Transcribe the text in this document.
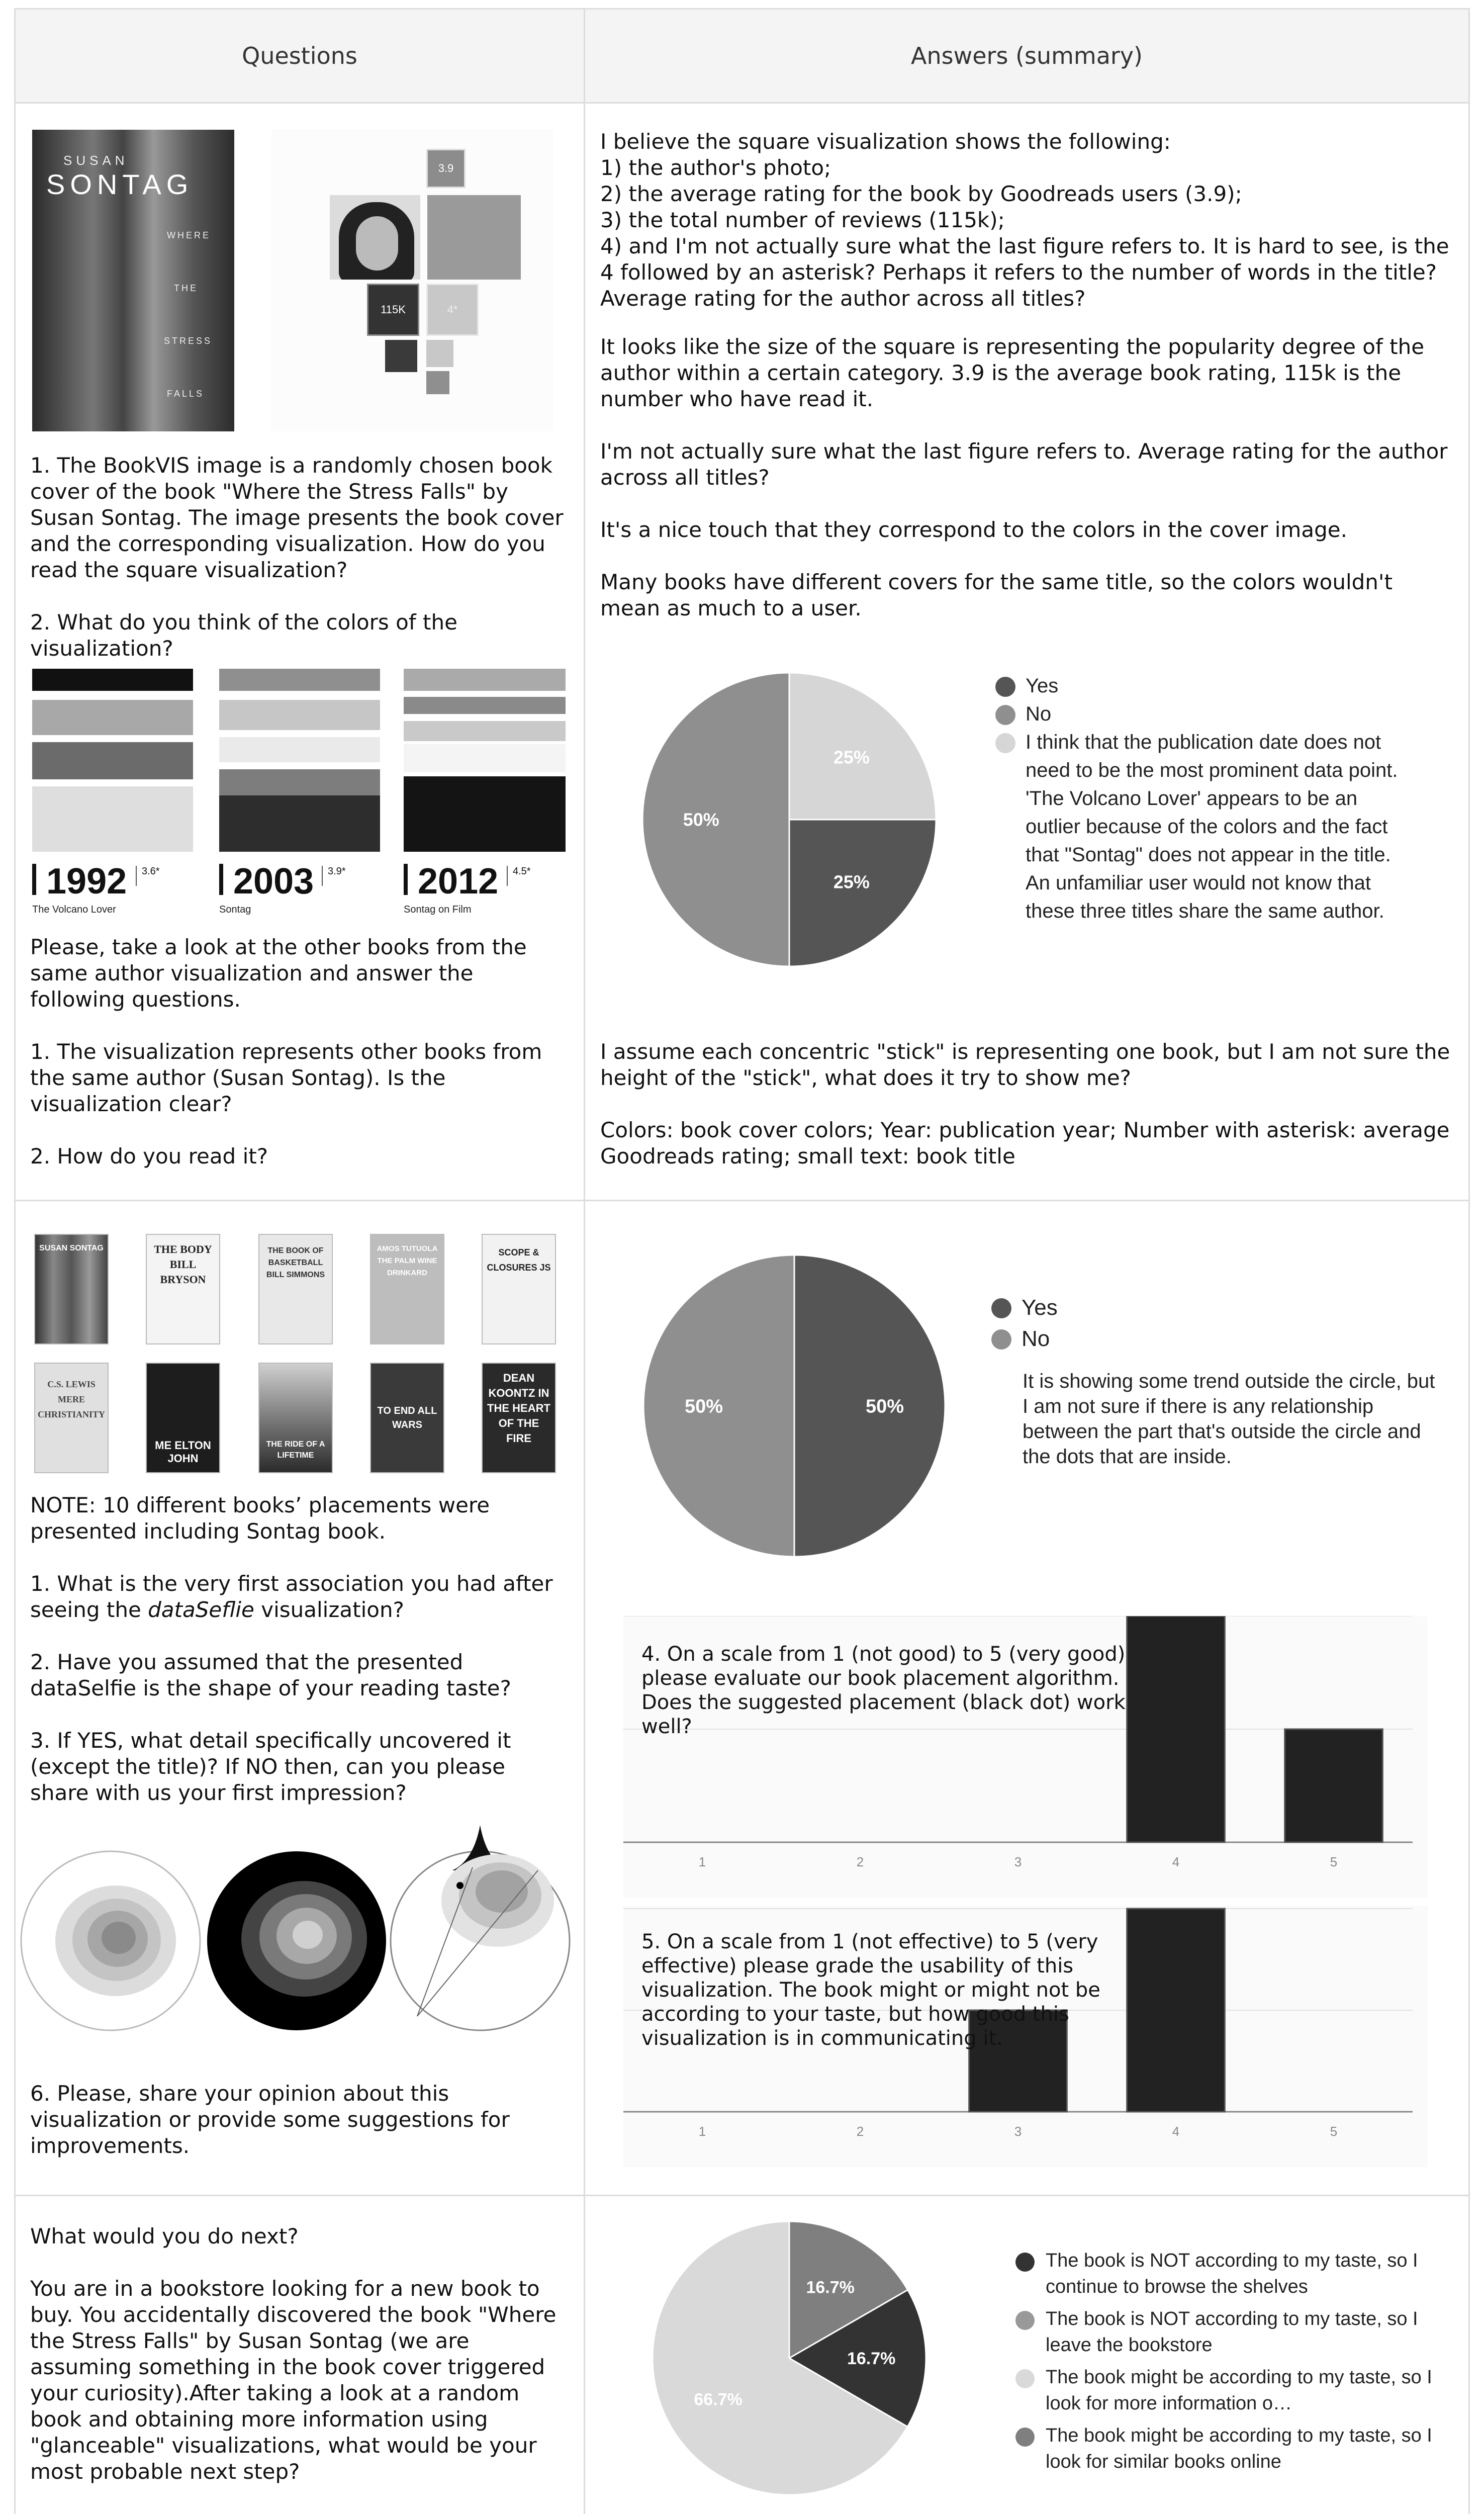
Questions	Answers (summary)
SUSAN
SONTAG
WHERE
THE
STRESS
FALLS
3.9
115K	4*

1. The BookVIS image is a randomly chosen book cover of the book "Where the Stress Falls" by Susan Sontag. The image presents the book cover and the corresponding visualization. How do you read the square visualization?

2. What do you think of the colors of the visualization?

1992 3.6*
The Volcano Lover
2003 3.9*
Sontag
2012 4.5*
Sontag on Film

Please, take a look at the other books from the same author visualization and answer the following questions.

1. The visualization represents other books from the same author (Susan Sontag). Is the visualization clear?

2. How do you read it?

I believe the square visualization shows the following:
1) the author's photo;
2) the average rating for the book by Goodreads users (3.9);
3) the total number of reviews (115k);
4) and I'm not actually sure what the last figure refers to. It is hard to see, is the 4 followed by an asterisk? Perhaps it refers to the number of words in the title? Average rating for the author across all titles?
It looks like the size of the square is representing the popularity degree of the author within a certain category. 3.9 is the average book rating, 115k is the number who have read it.
I'm not actually sure what the last figure refers to. Average rating for the author across all titles?
It's a nice touch that they correspond to the colors in the cover image.
Many books have different covers for the same title, so the colors wouldn't mean as much to a user.
25%
25%
50%
Yes
No
I think that the publication date does not need to be the most prominent data point. 'The Volcano Lover' appears to be an outlier because of the colors and the fact that "Sontag" does not appear in the title. An unfamiliar user would not know that these three titles share the same author.
I assume each concentric "stick" is representing one book, but I am not sure the height of the "stick", what does it try to show me?
Colors: book cover colors; Year: publication year; Number with asterisk: average Goodreads rating; small text: book title
SUSAN SONTAG	THE BODY BILL BRYSON
THE BOOK OF BASKETBALL BILL SIMMONS
AMOS TUTUOLA THE PALM WINE DRINKARD
SCOPE & CLOSURES JS
C.S. LEWIS MERE CHRISTIANITY
ME ELTON JOHN
THE RIDE OF A LIFETIME
TO END ALL WARS
DEAN KOONTZ IN THE HEART OF THE FIRE

NOTE: 10 different books’ placements were presented including Sontag book.

1. What is the very first association you had after seeing the dataSeflie visualization?

2. Have you assumed that the presented dataSelfie is the shape of your reading taste?

3. If YES, what detail specifically uncovered it (except the title)? If NO then, can you please share with us your first impression?

6. Please, share your opinion about this visualization or provide some suggestions for improvements.

50%
50%
Yes
No
It is showing some trend outside the circle, but I am not sure if there is any relationship between the part that's outside the circle and the dots that are inside.
1	2	3	4	5
4. On a scale from 1 (not good) to 5 (very good) please evaluate our book placement algorithm. Does the suggested placement (black dot) work well?
1	2	3	4	5
5. On a scale from 1 (not effective) to 5 (very effective) please grade the usability of this visualization. The book might or might not be according to your taste, but how good this visualization is in communicating it.

What would you do next?

You are in a bookstore looking for a new book to buy. You accidentally discovered the book "Where the Stress Falls" by Susan Sontag (we are assuming something in the book cover triggered your curiosity).After taking a look at a random book and obtaining more information using "glanceable" visualizations, what would be your most probable next step?

16.7%
16.7%
66.7%
The book is NOT according to my taste, so I continue to browse the shelves
The book is NOT according to my taste, so I leave the bookstore
The book might be according to my taste, so I look for more information o…
The book might be according to my taste, so I look for similar books online
